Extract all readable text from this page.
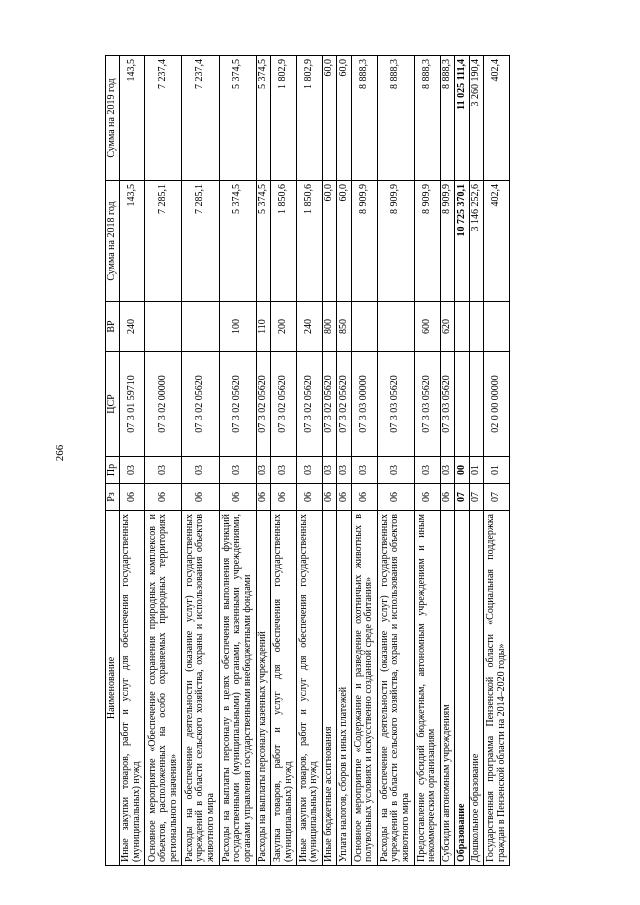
266
Наименование	Рз	Пр	ЦСР	ВР	Сумма на 2018 год	Сумма на 2019 год
Иные закупки товаров, работ и услуг для обеспечения государственных (муниципальных) нужд	06	03	07 3 01 59710	240	143,5	143,5
Основное мероприятие «Обеспечение сохранения природных комплексов и объектов, расположенных на особо охраняемых природных территориях регионального значения»	06	03	07 3 02 00000		7 285,1	7 237,4
Расходы на обеспечение деятельности (оказание услуг) государственных учреждений в области сельского хозяйства, охраны и использования объектов животного мира	06	03	07 3 02 05620		7 285,1	7 237,4
Расходы на выплаты персоналу в целях обеспечения выполнения функций государственными (муниципальными) органами, казенными учреждениями, органами управления государственными внебюджетными фондами	06	03	07 3 02 05620	100	5 374,5	5 374,5
Расходы на выплаты персоналу казенных учреждений	06	03	07 3 02 05620	110	5 374,5	5 374,5
Закупка товаров, работ и услуг для обеспечения государственных (муниципальных) нужд	06	03	07 3 02 05620	200	1 850,6	1 802,9
Иные закупки товаров, работ и услуг для обеспечения государственных (муниципальных) нужд	06	03	07 3 02 05620	240	1 850,6	1 802,9
Иные бюджетные ассигнования	06	03	07 3 02 05620	800	60,0	60,0
Уплата налогов, сборов и иных платежей	06	03	07 3 02 05620	850	60,0	60,0
Основное мероприятие «Содержание и разведение охотничьих животных в полувольных условиях и искусственно созданной среде обитания»	06	03	07 3 03 00000		8 909,9	8 888,3
Расходы на обеспечение деятельности (оказание услуг) государственных учреждений в области сельского хозяйства, охраны и использования объектов животного мира	06	03	07 3 03 05620		8 909,9	8 888,3
Предоставление субсидий бюджетным, автономным учреждениям и иным некоммерческим организациям	06	03	07 3 03 05620	600	8 909,9	8 888,3
Субсидии автономным учреждениям	06	03	07 3 03 05620	620	8 909,9	8 888,3
Образование	07	00			10 725 370,1	11 025 111,4
Дошкольное образование	07	01			3 146 252,6	3 260 190,4
Государственная программа Пензенской области «Социальная поддержка граждан в Пензенской области на 2014–2020 годы»	07	01	02 0 00 00000		402,4	402,4
